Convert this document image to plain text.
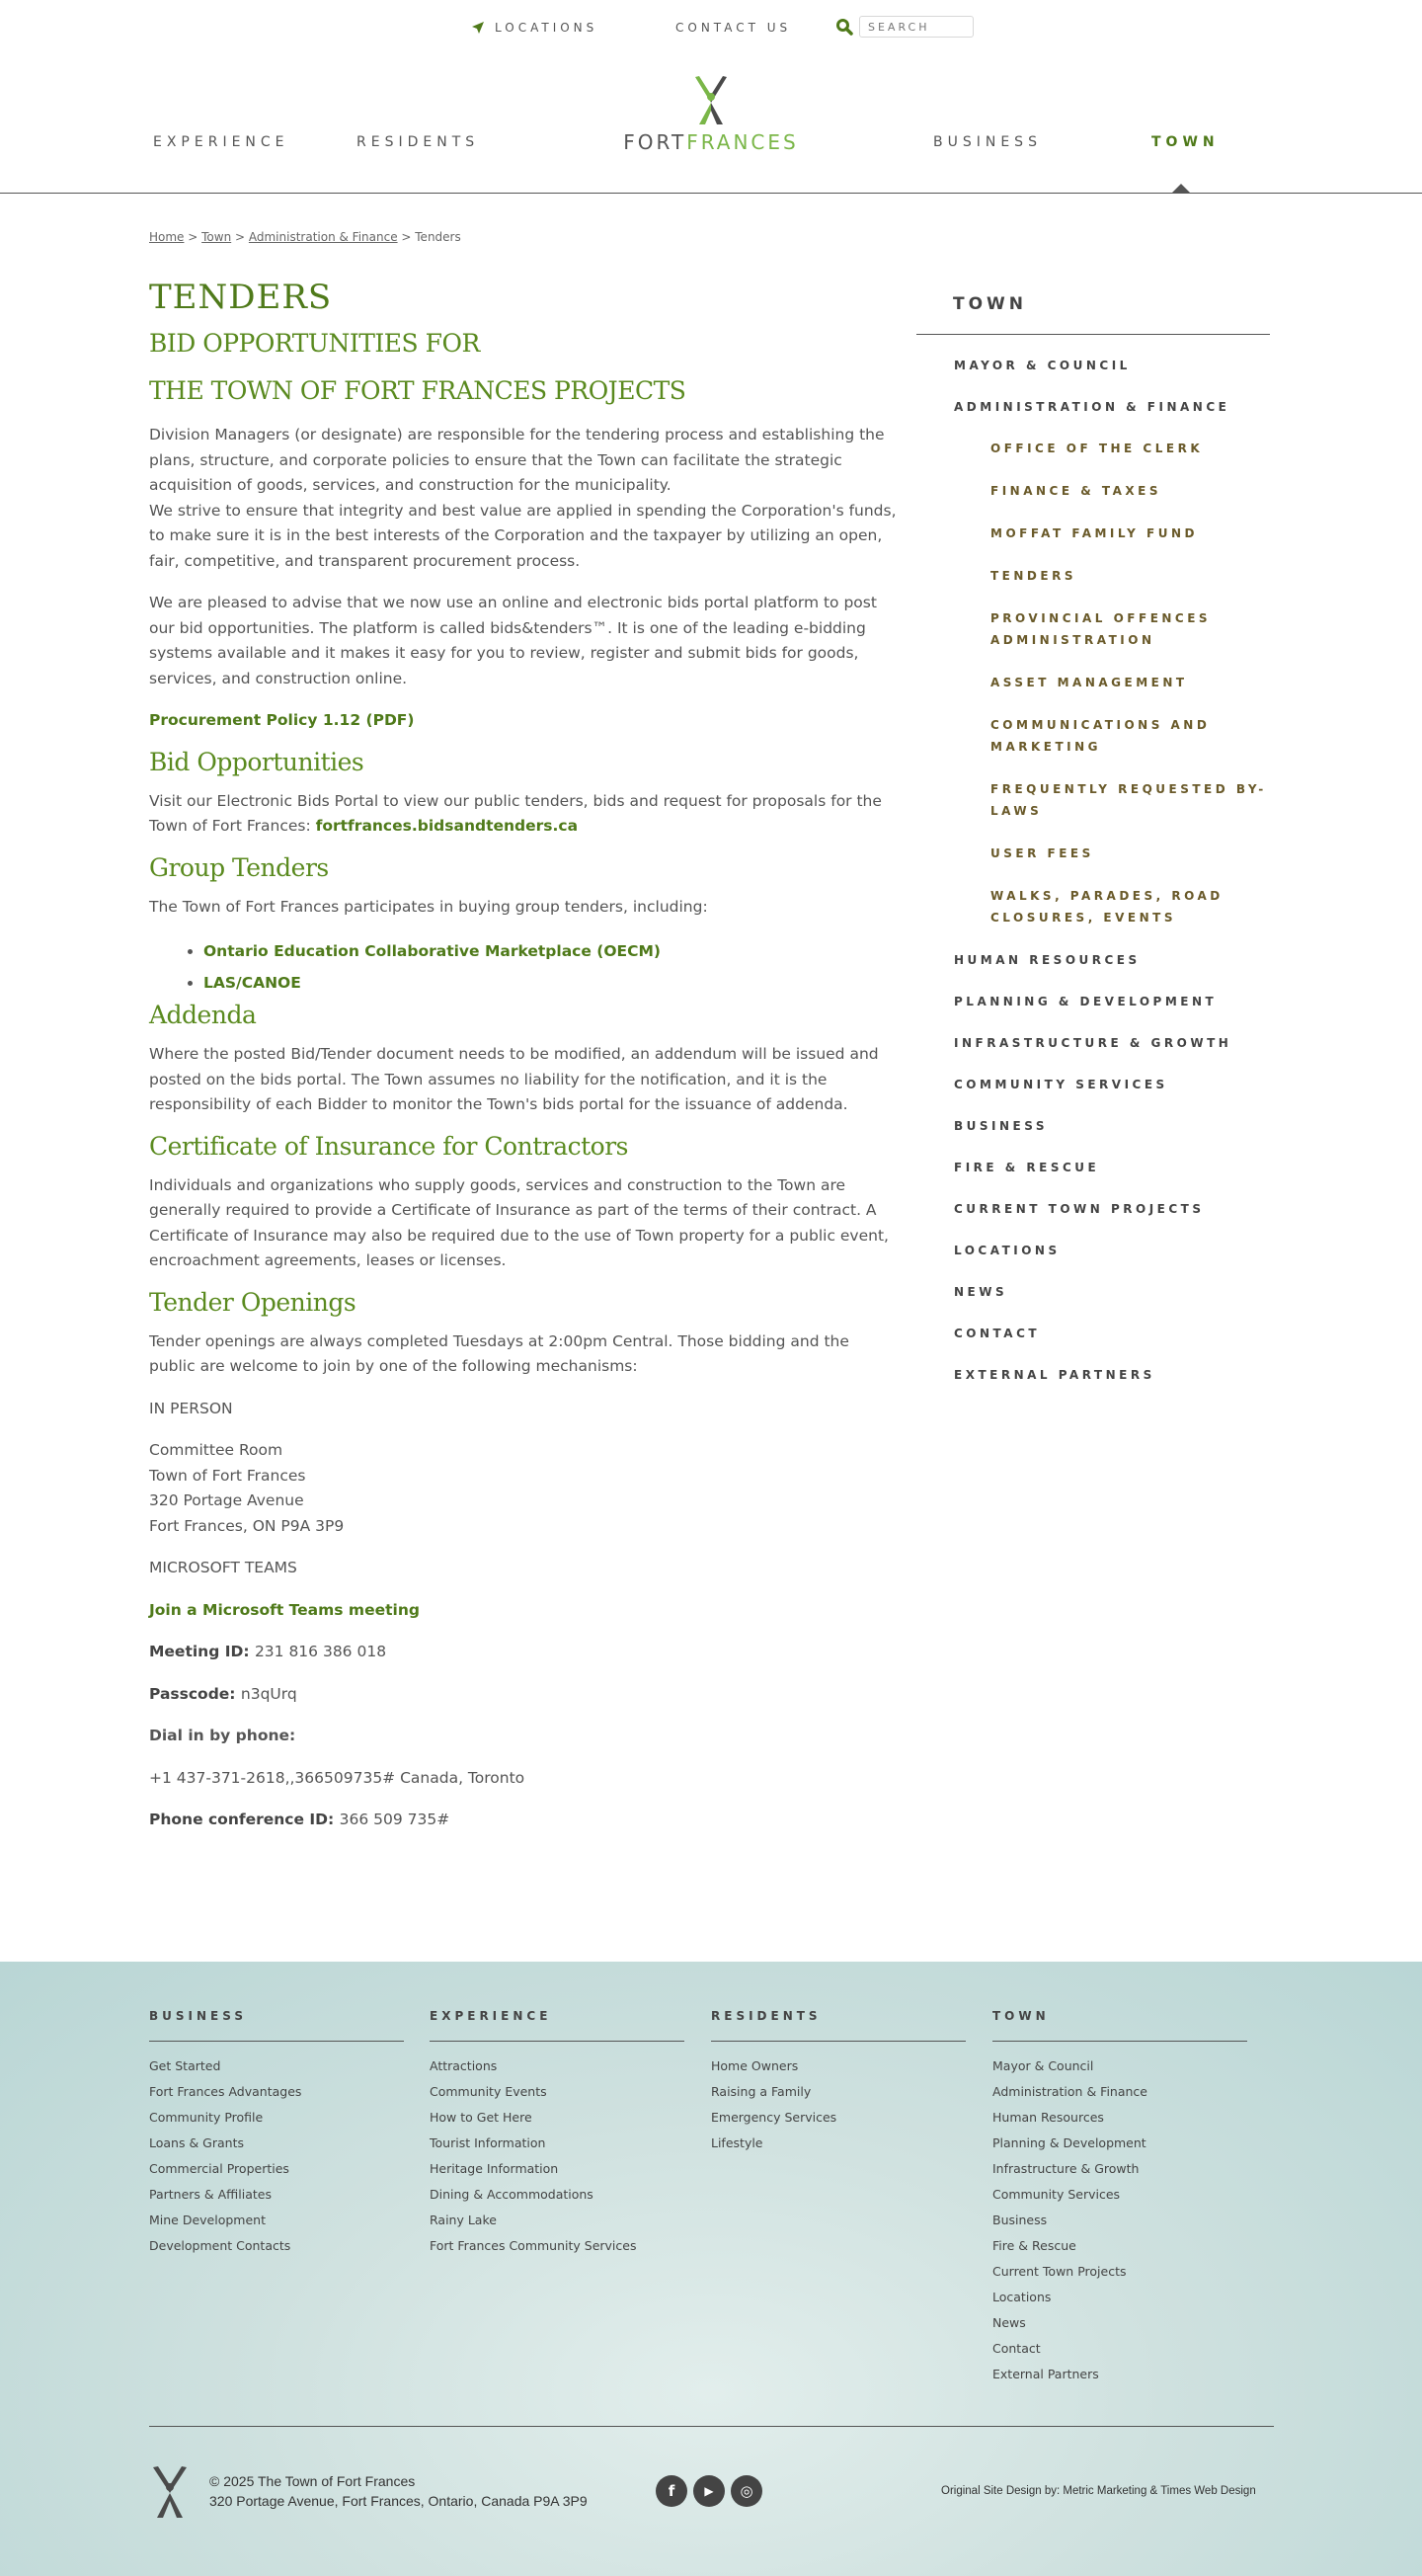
LOCATIONS	CONTACT US
SEARCH
EXPERIENCE	RESIDENTS	FORTFRANCES	BUSINESS	TOWN
Home > Town > Administration & Finance > Tenders
TENDERS
BID OPPORTUNITIES FOR
THE TOWN OF FORT FRANCES PROJECTS

Division Managers (or designate) are responsible for the tendering process and establishing the plans, structure, and corporate policies to ensure that the Town can facilitate the strategic acquisition of goods, services, and construction for the municipality.

We strive to ensure that integrity and best value are applied in spending the Corporation's funds, to make sure it is in the best interests of the Corporation and the taxpayer by utilizing an open, fair, competitive, and transparent procurement process.

We are pleased to advise that we now use an online and electronic bids portal platform to post our bid opportunities. The platform is called bids&tenders™. It is one of the leading e-bidding systems available and it makes it easy for you to review, register and submit bids for goods, services, and construction online.

Procurement Policy 1.12 (PDF)

Bid Opportunities

Visit our Electronic Bids Portal to view our public tenders, bids and request for proposals for the Town of Fort Frances: fortfrances.bidsandtenders.ca

Group Tenders

The Town of Fort Frances participates in buying group tenders, including:

• Ontario Education Collaborative Marketplace (OECM)
• LAS/CANOE
Addenda

Where the posted Bid/Tender document needs to be modified, an addendum will be issued and posted on the bids portal. The Town assumes no liability for the notification, and it is the responsibility of each Bidder to monitor the Town's bids portal for the issuance of addenda.

Certificate of Insurance for Contractors

Individuals and organizations who supply goods, services and construction to the Town are generally required to provide a Certificate of Insurance as part of the terms of their contract. A Certificate of Insurance may also be required due to the use of Town property for a public event, encroachment agreements, leases or licenses.

Tender Openings

Tender openings are always completed Tuesdays at 2:00pm Central. Those bidding and the public are welcome to join by one of the following mechanisms:

IN PERSON

Committee Room

Town of Fort Frances

320 Portage Avenue

Fort Frances, ON P9A 3P9

MICROSOFT TEAMS

Join a Microsoft Teams meeting

Meeting ID: 231 816 386 018

Passcode: n3qUrq

Dial in by phone:

+1 437-371-2618,,366509735# Canada, Toronto

Phone conference ID: 366 509 735#

TOWN
MAYOR & COUNCIL
ADMINISTRATION & FINANCE
OFFICE OF THE CLERK
FINANCE & TAXES
MOFFAT FAMILY FUND
TENDERS
PROVINCIAL OFFENCES ADMINISTRATION
ASSET MANAGEMENT
COMMUNICATIONS AND MARKETING
FREQUENTLY REQUESTED BY-LAWS
USER FEES
WALKS, PARADES, ROAD CLOSURES, EVENTS
HUMAN RESOURCES
PLANNING & DEVELOPMENT
INFRASTRUCTURE & GROWTH
COMMUNITY SERVICES
BUSINESS
FIRE & RESCUE
CURRENT TOWN PROJECTS
LOCATIONS
NEWS
CONTACT
EXTERNAL PARTNERS
BUSINESS
Get Started
Fort Frances Advantages
Community Profile
Loans & Grants
Commercial Properties
Partners & Affiliates
Mine Development
Development Contacts
EXPERIENCE
Attractions
Community Events
How to Get Here
Tourist Information
Heritage Information
Dining & Accommodations
Rainy Lake
Fort Frances Community Services
RESIDENTS
Home Owners
Raising a Family
Emergency Services
Lifestyle
TOWN
Mayor & Council
Administration & Finance
Human Resources
Planning & Development
Infrastructure & Growth
Community Services
Business
Fire & Rescue
Current Town Projects
Locations
News
Contact
External Partners
© 2025 The Town of Fort Frances
320 Portage Avenue, Fort Frances, Ontario, Canada P9A 3P9
f	▶	◎	Original Site Design by: Metric Marketing & Times Web Design
